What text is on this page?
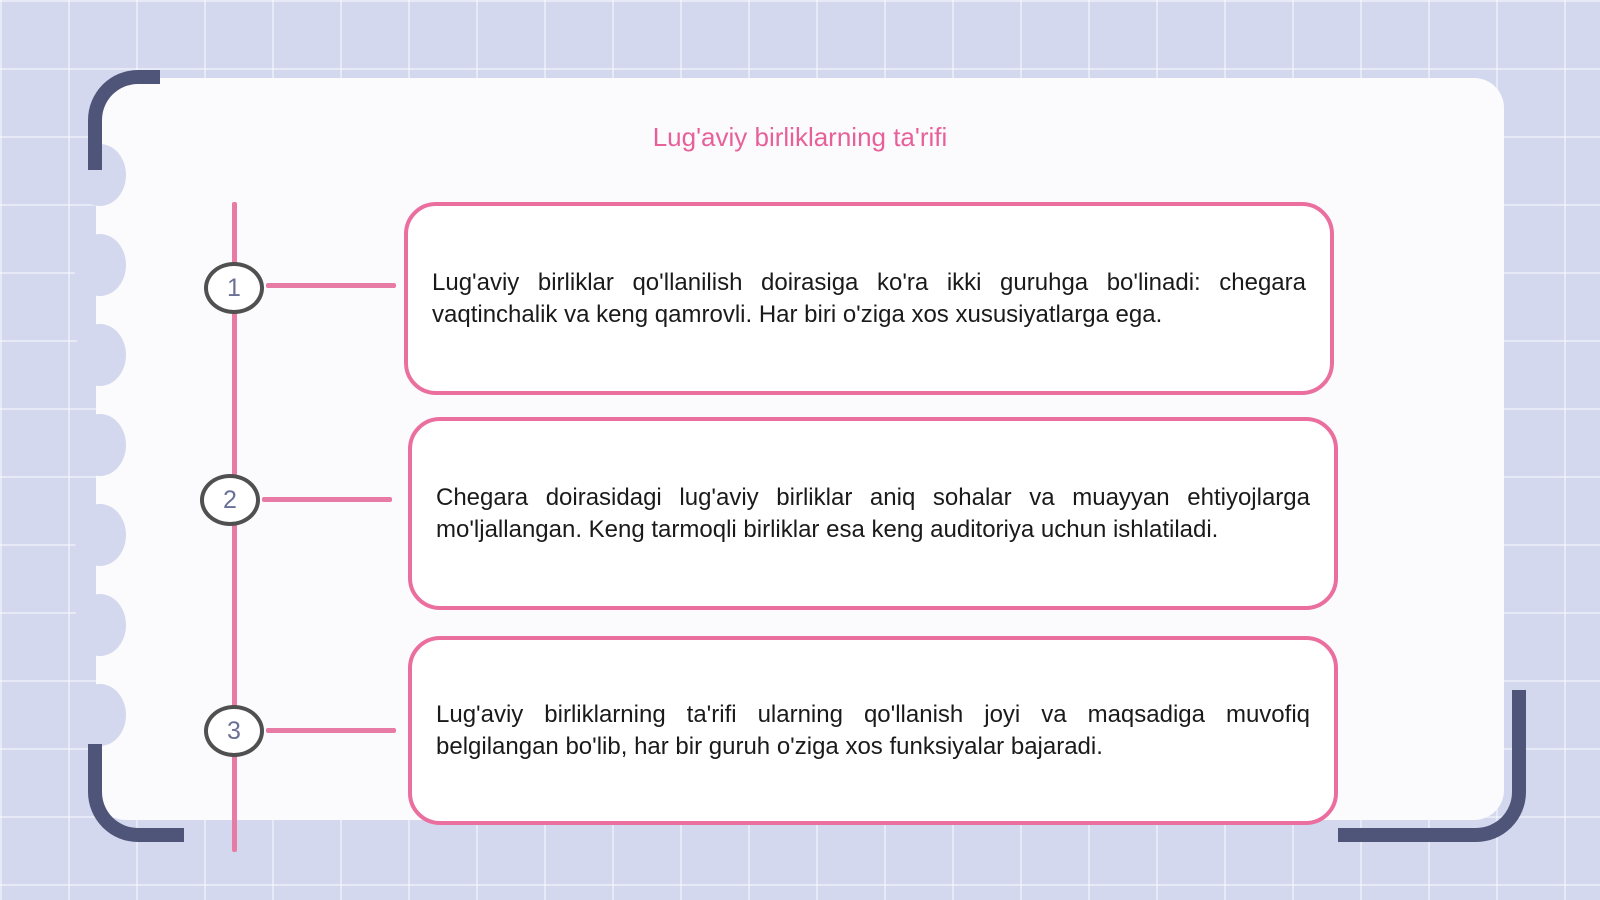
Lug'aviy birliklarning ta'rifi
1
2
3

Lug'aviy birliklar qo'llanilish doirasiga ko'ra ikki guruhga bo'linadi: chegara vaqtinchalik va keng qamrovli. Har biri o'ziga xos xususiyatlarga ega.

Chegara doirasidagi lug'aviy birliklar aniq sohalar va muayyan ehtiyojlarga mo'ljallangan. Keng tarmoqli birliklar esa keng auditoriya uchun ishlatiladi.

Lug'aviy birliklarning ta'rifi ularning qo'llanish joyi va maqsadiga muvofiq belgilangan bo'lib, har bir guruh o'ziga xos funksiyalar bajaradi.
